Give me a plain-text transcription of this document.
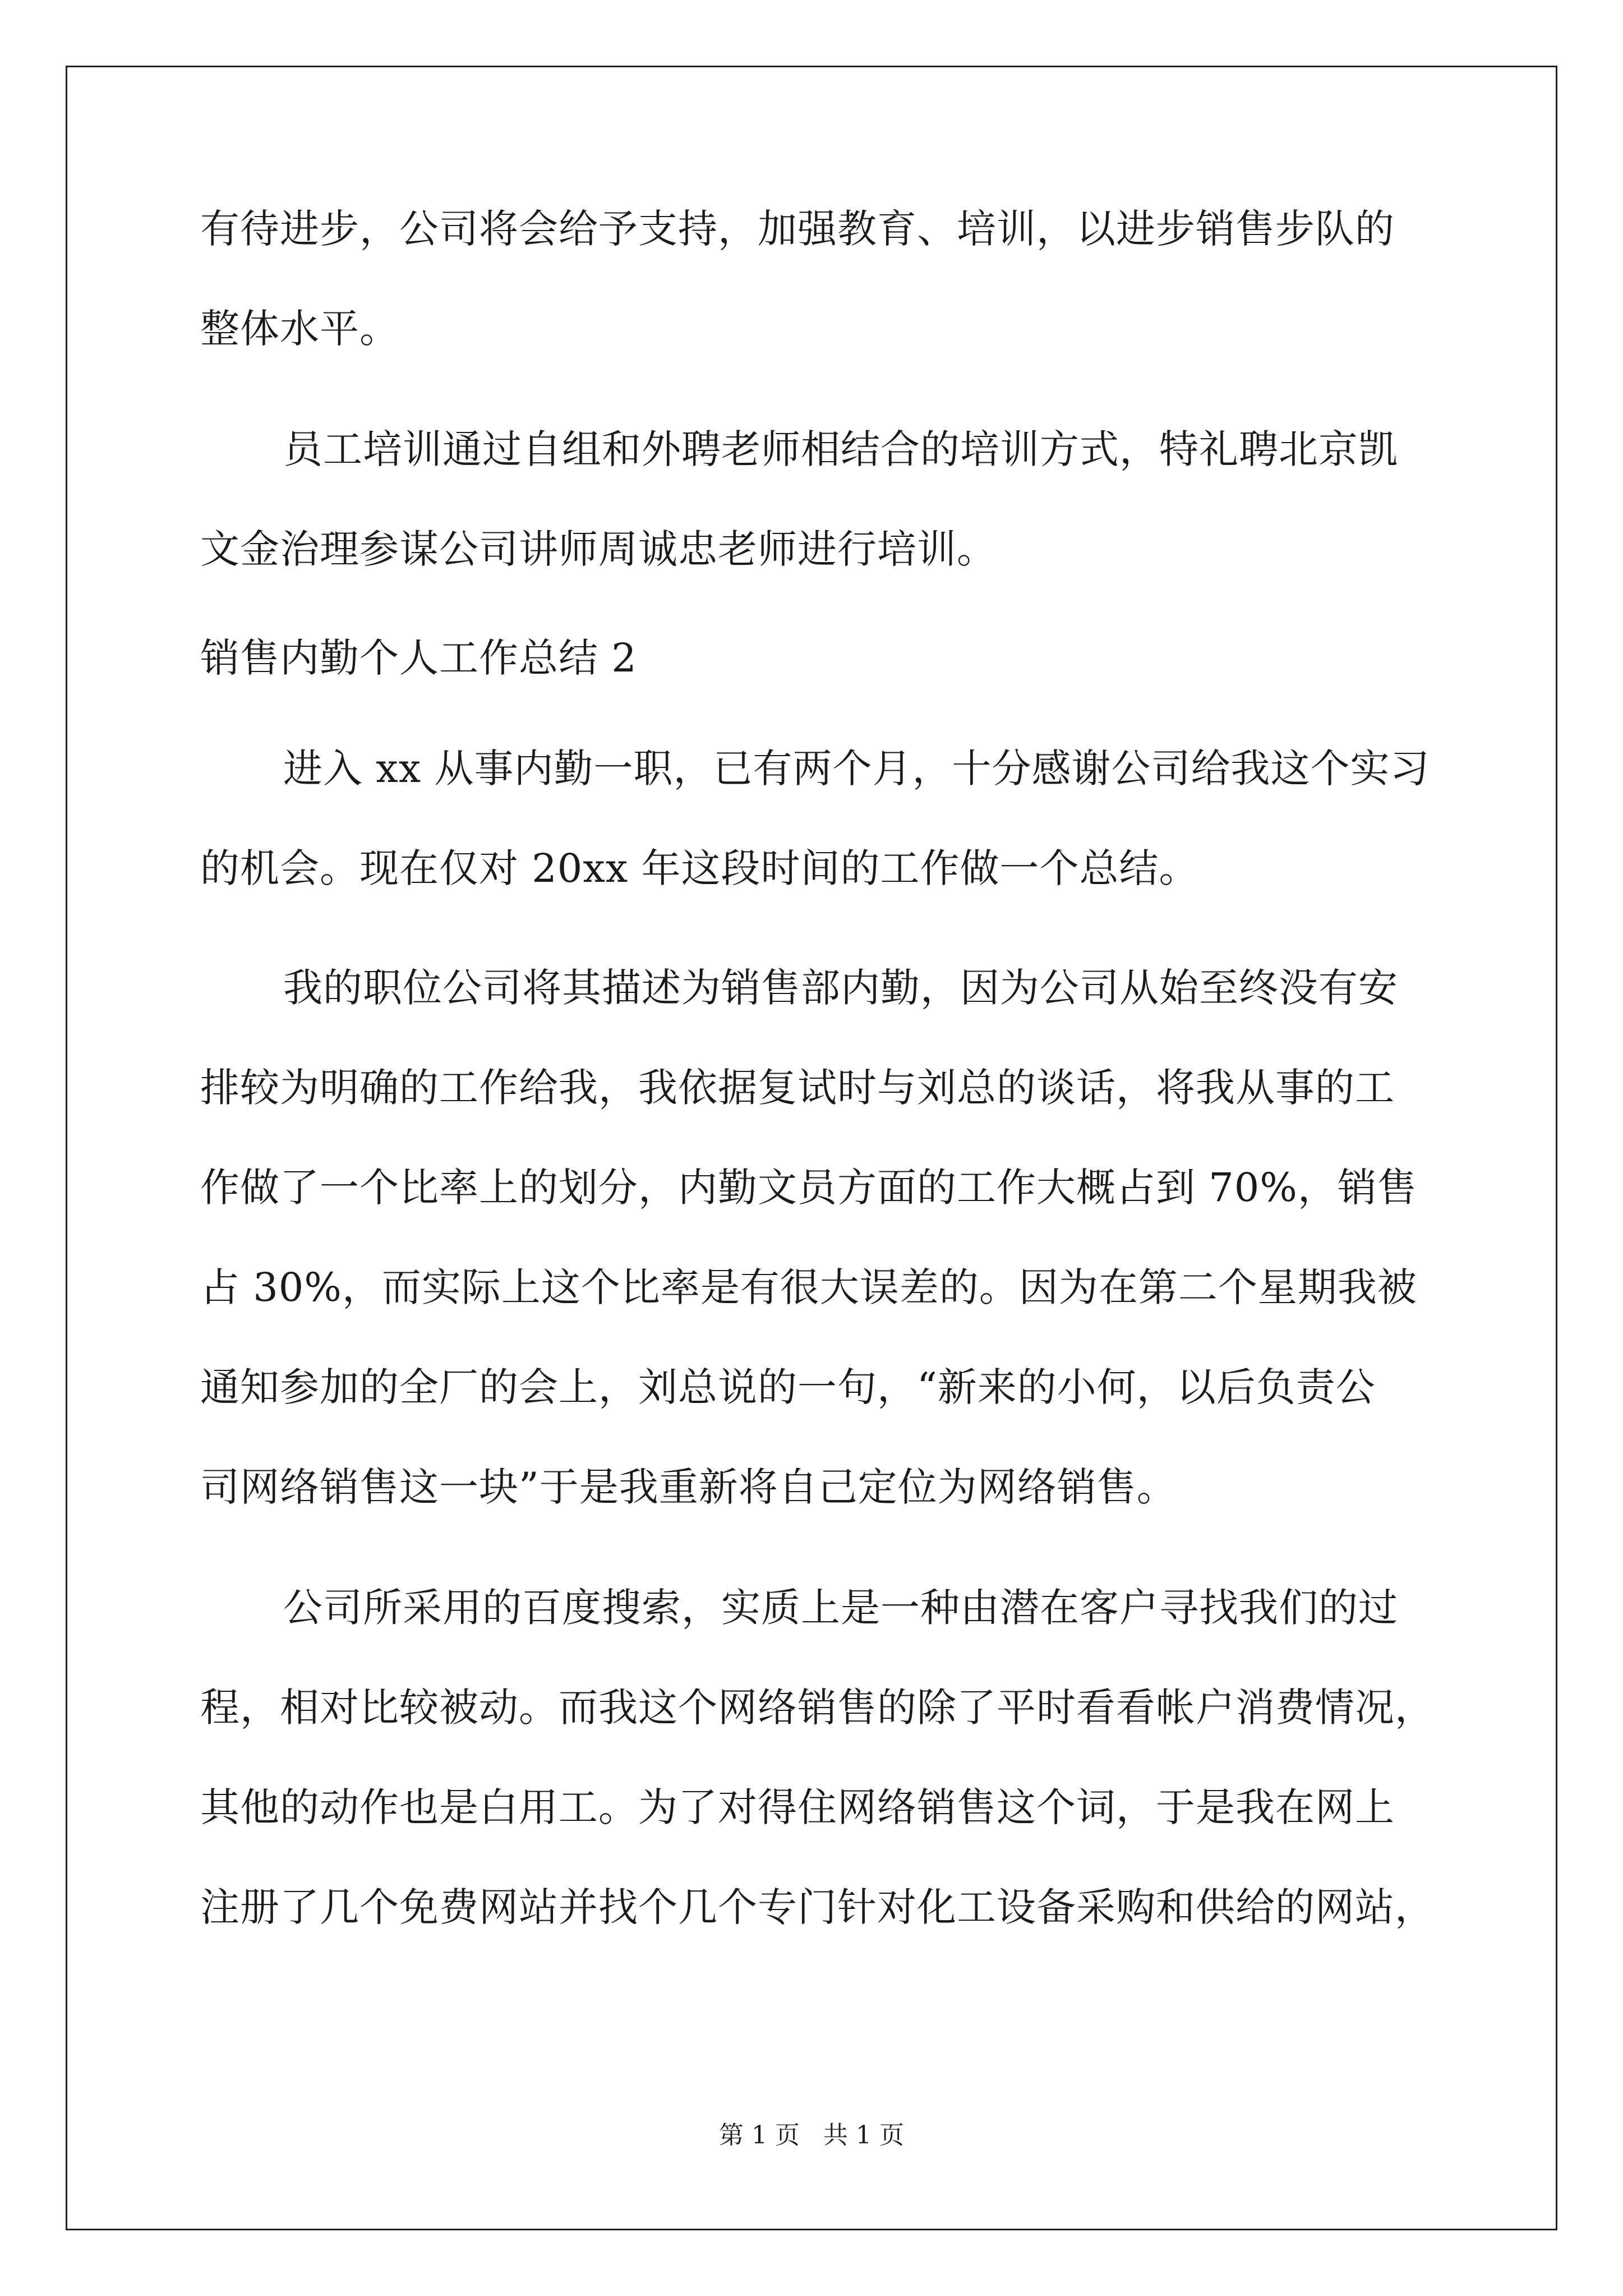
有待进步，公司将会给予支持，加强教育、培训，以进步销售步队的
整体水平。
员工培训通过自组和外聘老师相结合的培训方式，特礼聘北京凯
文金治理参谋公司讲师周诚忠老师进行培训。
销售内勤个人工作总结 2
进入 xx 从事内勤一职，已有两个月，十分感谢公司给我这个实习
的机会。现在仅对 20xx 年这段时间的工作做一个总结。
我的职位公司将其描述为销售部内勤，因为公司从始至终没有安
排较为明确的工作给我，我依据复试时与刘总的谈话，将我从事的工
作做了一个比率上的划分，内勤文员方面的工作大概占到 70%，销售
占 30%，而实际上这个比率是有很大误差的。因为在第二个星期我被
通知参加的全厂的会上，刘总说的一句，“新来的小何，以后负责公
司网络销售这一块”于是我重新将自己定位为网络销售。
公司所采用的百度搜索，实质上是一种由潜在客户寻找我们的过
程，相对比较被动。而我这个网络销售的除了平时看看帐户消费情况，
其他的动作也是白用工。为了对得住网络销售这个词，于是我在网上
注册了几个免费网站并找个几个专门针对化工设备采购和供给的网站，
第 1 页   共 1 页
